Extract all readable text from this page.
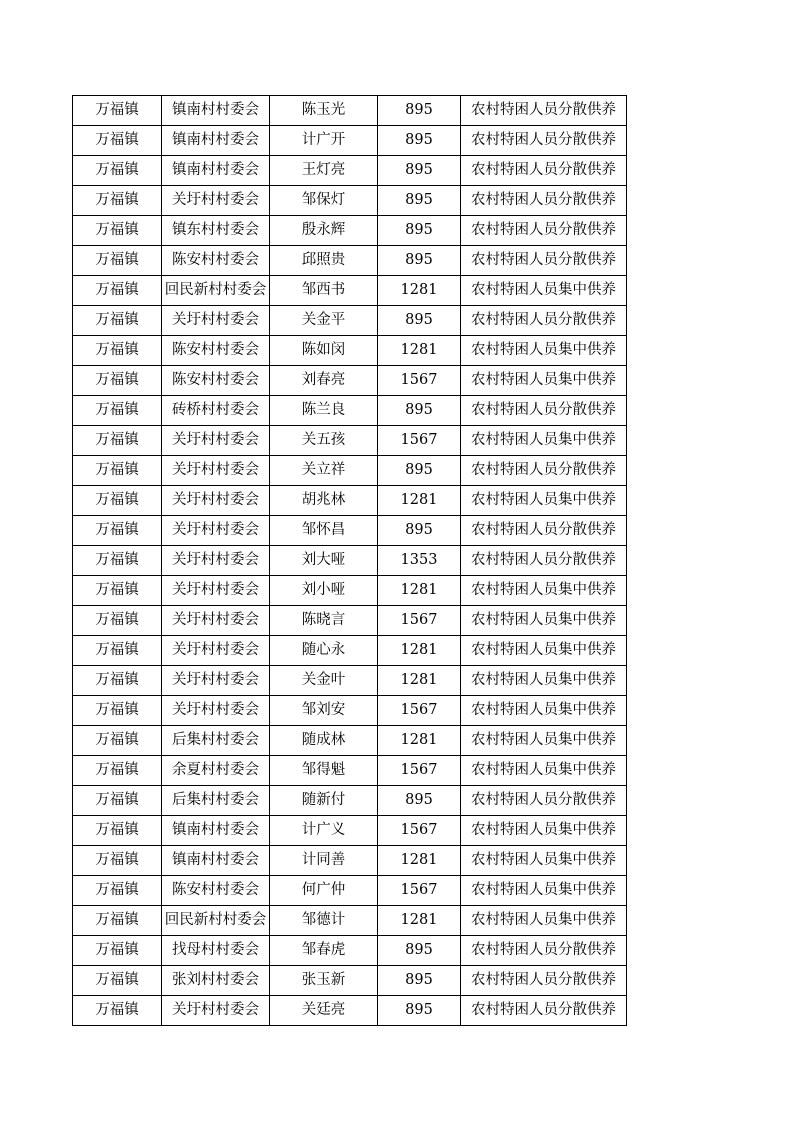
万福镇	镇南村村委会	陈玉光	895	农村特困人员分散供养
万福镇	镇南村村委会	计广开	895	农村特困人员分散供养
万福镇	镇南村村委会	王灯亮	895	农村特困人员分散供养
万福镇	关圩村村委会	邹保灯	895	农村特困人员分散供养
万福镇	镇东村村委会	殷永辉	895	农村特困人员分散供养
万福镇	陈安村村委会	邱照贵	895	农村特困人员分散供养
万福镇	回民新村村委会	邹西书	1281	农村特困人员集中供养
万福镇	关圩村村委会	关金平	895	农村特困人员分散供养
万福镇	陈安村村委会	陈如闵	1281	农村特困人员集中供养
万福镇	陈安村村委会	刘春亮	1567	农村特困人员集中供养
万福镇	砖桥村村委会	陈兰良	895	农村特困人员分散供养
万福镇	关圩村村委会	关五孩	1567	农村特困人员集中供养
万福镇	关圩村村委会	关立祥	895	农村特困人员分散供养
万福镇	关圩村村委会	胡兆林	1281	农村特困人员集中供养
万福镇	关圩村村委会	邹怀昌	895	农村特困人员分散供养
万福镇	关圩村村委会	刘大哑	1353	农村特困人员分散供养
万福镇	关圩村村委会	刘小哑	1281	农村特困人员集中供养
万福镇	关圩村村委会	陈晓言	1567	农村特困人员集中供养
万福镇	关圩村村委会	随心永	1281	农村特困人员集中供养
万福镇	关圩村村委会	关金叶	1281	农村特困人员集中供养
万福镇	关圩村村委会	邹刘安	1567	农村特困人员集中供养
万福镇	后集村村委会	随成林	1281	农村特困人员集中供养
万福镇	余夏村村委会	邹得魁	1567	农村特困人员集中供养
万福镇	后集村村委会	随新付	895	农村特困人员分散供养
万福镇	镇南村村委会	计广义	1567	农村特困人员集中供养
万福镇	镇南村村委会	计同善	1281	农村特困人员集中供养
万福镇	陈安村村委会	何广仲	1567	农村特困人员集中供养
万福镇	回民新村村委会	邹德计	1281	农村特困人员集中供养
万福镇	找母村村委会	邹春虎	895	农村特困人员分散供养
万福镇	张刘村村委会	张玉新	895	农村特困人员分散供养
万福镇	关圩村村委会	关廷亮	895	农村特困人员分散供养
